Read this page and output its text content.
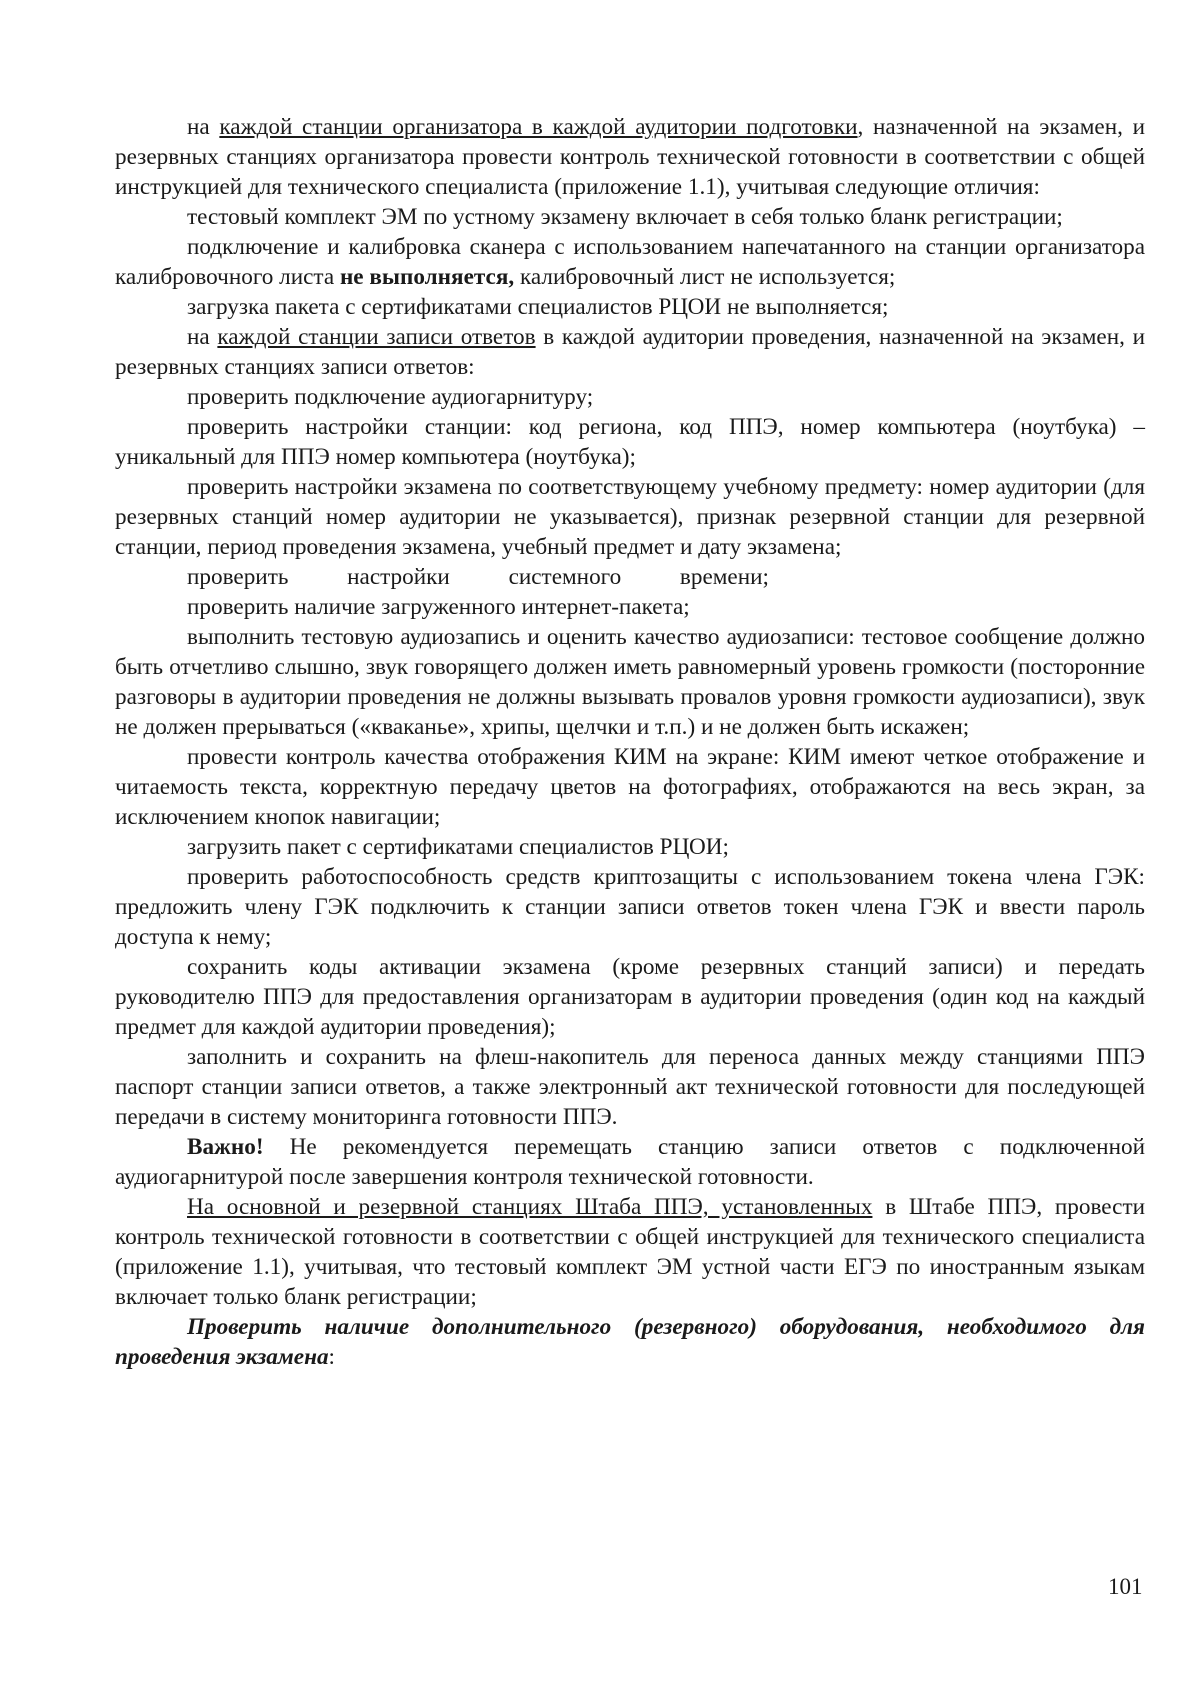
на каждой станции организатора в каждой аудитории подготовки, назначенной на экзамен, и резервных станциях организатора провести контроль технической готовности в соответствии с общей инструкцией для технического специалиста (приложение 1.1), учитывая следующие отличия:

тестовый комплект ЭМ по устному экзамену включает в себя только бланк регистрации;

подключение и калибровка сканера с использованием напечатанного на станции организатора калибровочного листа не выполняется, калибровочный лист не используется;

загрузка пакета с сертификатами специалистов РЦОИ не выполняется;

на каждой станции записи ответов в каждой аудитории проведения, назначенной на экзамен, и резервных станциях записи ответов:

проверить подключение аудиогарнитуру;

проверить настройки станции: код региона, код ППЭ, номер компьютера (ноутбука) – уникальный для ППЭ номер компьютера (ноутбука);

проверить настройки экзамена по соответствующему учебному предмету: номер аудитории (для резервных станций номер аудитории не указывается), признак резервной станции для резервной станции, период проведения экзамена, учебный предмет и дату экзамена;

проверить настройки системного времени;

проверить наличие загруженного интернет-пакета;

выполнить тестовую аудиозапись и оценить качество аудиозаписи: тестовое сообщение должно быть отчетливо слышно, звук говорящего должен иметь равномерный уровень громкости (посторонние разговоры в аудитории проведения не должны вызывать провалов уровня громкости аудиозаписи), звук не должен прерываться («кваканье», хрипы, щелчки и т.п.) и не должен быть искажен;

провести контроль качества отображения КИМ на экране: КИМ имеют четкое отображение и читаемость текста, корректную передачу цветов на фотографиях, отображаются на весь экран, за исключением кнопок навигации;

загрузить пакет с сертификатами специалистов РЦОИ;

проверить работоспособность средств криптозащиты с использованием токена члена ГЭК: предложить члену ГЭК подключить к станции записи ответов токен члена ГЭК и ввести пароль доступа к нему;

сохранить коды активации экзамена (кроме резервных станций записи) и передать руководителю ППЭ для предоставления организаторам в аудитории проведения (один код на каждый предмет для каждой аудитории проведения);

заполнить и сохранить на флеш-накопитель для переноса данных между станциями ППЭ паспорт станции записи ответов, а также электронный акт технической готовности для последующей передачи в систему мониторинга готовности ППЭ.

Важно! Не рекомендуется перемещать станцию записи ответов с подключенной аудиогарнитурой после завершения контроля технической готовности.

На основной и резервной станциях Штаба ППЭ, установленных в Штабе ППЭ, провести контроль технической готовности в соответствии с общей инструкцией для технического специалиста (приложение 1.1), учитывая, что тестовый комплект ЭМ устной части ЕГЭ по иностранным языкам включает только бланк регистрации;

Проверить наличие дополнительного (резервного) оборудования, необходимого для проведения экзамена:

101
